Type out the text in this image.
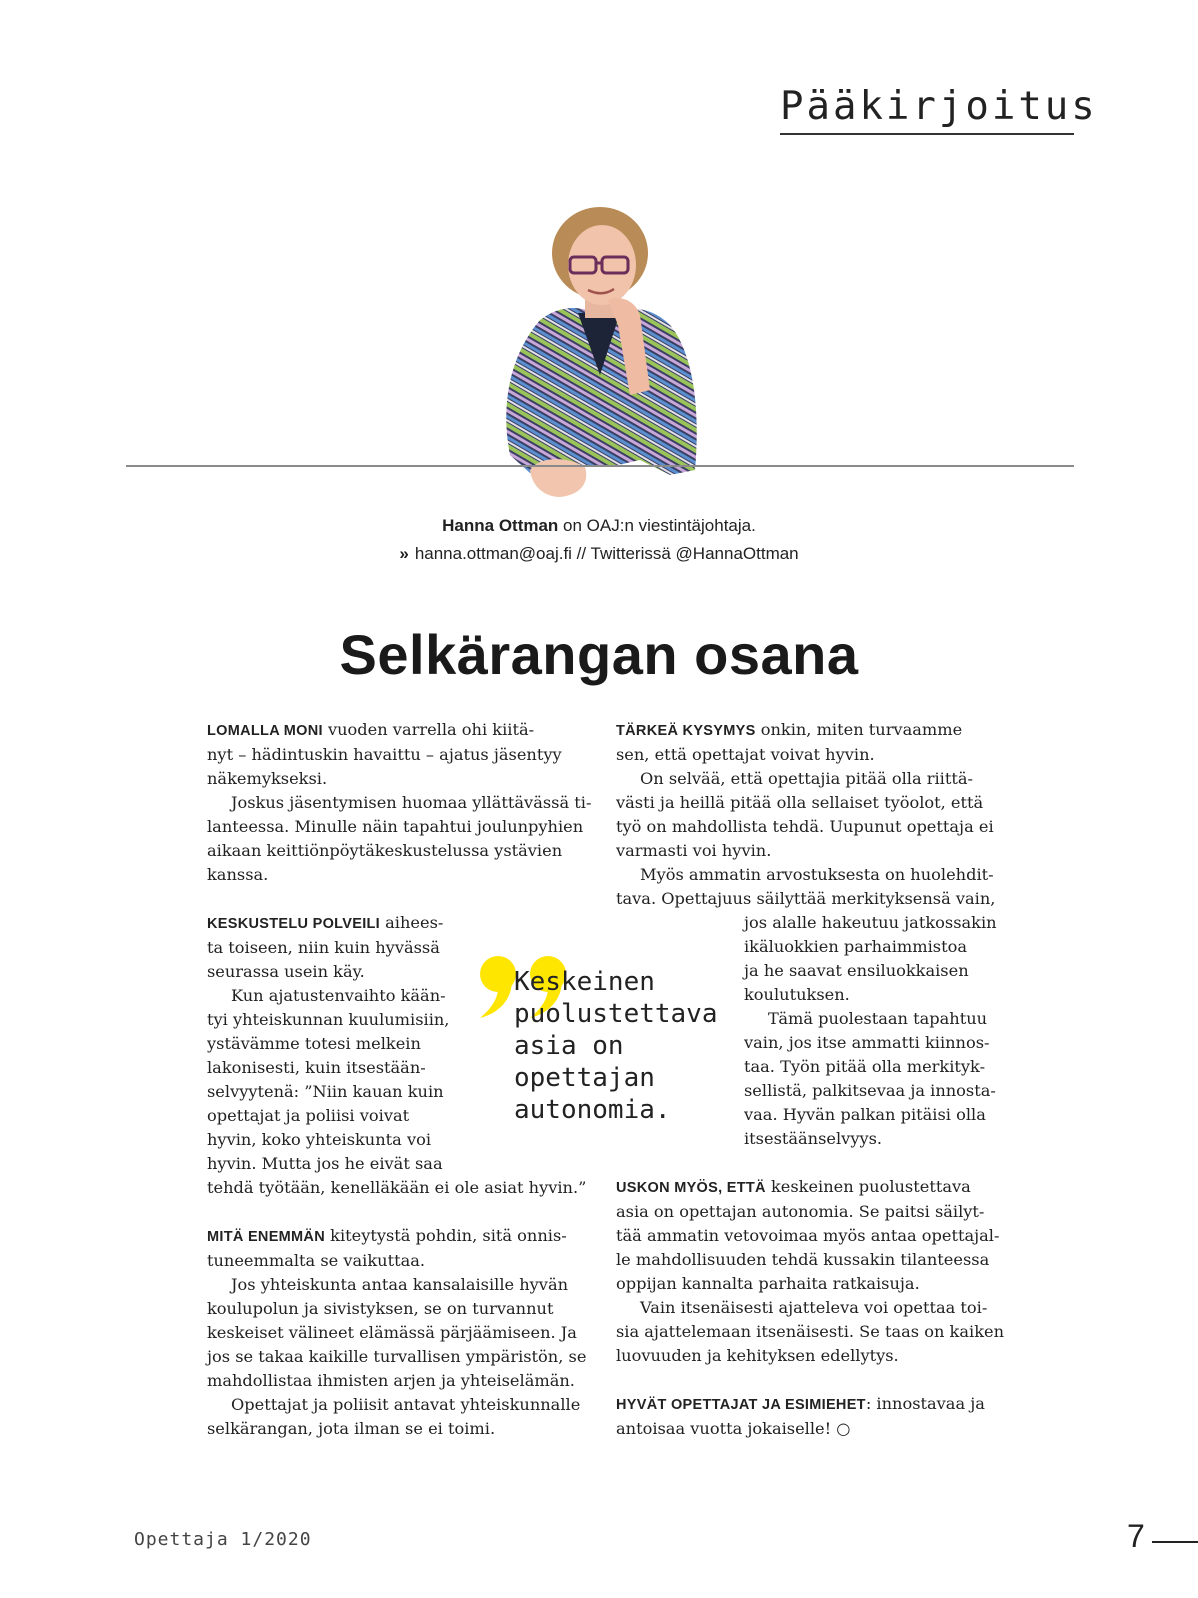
Pääkirjoitus
Hanna Ottman on OAJ:n viestintäjohtaja.
» hanna.ottman@oaj.fi // Twitterissä @HannaOttman
Selkärangan osana

LOMALLA MONI vuoden varrella ohi kiitä-
nyt – hädintuskin havaittu – ajatus jäsentyy
näkemykseksi.

Joskus jäsentymisen huomaa yllättävässä ti-

lanteessa. Minulle näin tapahtui joulunpyhien
aikaan keittiönpöytäkeskustelussa ystävien
kanssa.

KESKUSTELU POLVEILI aihees-
ta toiseen, niin kuin hyvässä
seurassa usein käy.

Kun ajatustenvaihto kään-

tyi yhteiskunnan kuulumisiin,
ystävämme totesi melkein
lakonisesti, kuin itsestään-
selvyytenä: ”Niin kauan kuin
opettajat ja poliisi voivat
hyvin, koko yhteiskunta voi
hyvin. Mutta jos he eivät saa
tehdä työtään, kenelläkään ei ole asiat hyvin.”

MITÄ ENEMMÄN kiteytystä pohdin, sitä onnis-
tuneemmalta se vaikuttaa.

Jos yhteiskunta antaa kansalaisille hyvän

koulupolun ja sivistyksen, se on turvannut
keskeiset välineet elämässä pärjäämiseen. Ja
jos se takaa kaikille turvallisen ympäristön, se
mahdollistaa ihmisten arjen ja yhteiselämän.

Opettajat ja poliisit antavat yhteiskunnalle

selkärangan, jota ilman se ei toimi.

Keskeinen
puolustettava
asia on
opettajan
autonomia.

TÄRKEÄ KYSYMYS onkin, miten turvaamme
sen, että opettajat voivat hyvin.

On selvää, että opettajia pitää olla riittä-

västi ja heillä pitää olla sellaiset työolot, että
työ on mahdollista tehdä. Uupunut opettaja ei
varmasti voi hyvin.

Myös ammatin arvostuksesta on huolehdit-

tava. Opettajuus säilyttää merkityksensä vain,

jos alalle hakeutuu jatkossakin
ikäluokkien parhaimmistoa
ja he saavat ensiluokkaisen
koulutuksen.

Tämä puolestaan tapahtuu

vain, jos itse ammatti kiinnos-
taa. Työn pitää olla merkityk-
sellistä, palkitsevaa ja innosta-
vaa. Hyvän palkan pitäisi olla
itsestäänselvyys.

USKON MYÖS, ETTÄ keskeinen puolustettava
asia on opettajan autonomia. Se paitsi säilyt-
tää ammatin vetovoimaa myös antaa opettajal-
le mahdollisuuden tehdä kussakin tilanteessa
oppijan kannalta parhaita ratkaisuja.

Vain itsenäisesti ajatteleva voi opettaa toi-

sia ajattelemaan itsenäisesti. Se taas on kaiken
luovuuden ja kehityksen edellytys.

HYVÄT OPETTAJAT JA ESIMIEHET: innostavaa ja
antoisaa vuotta jokaiselle! ○

Opettaja 1/2020	7
